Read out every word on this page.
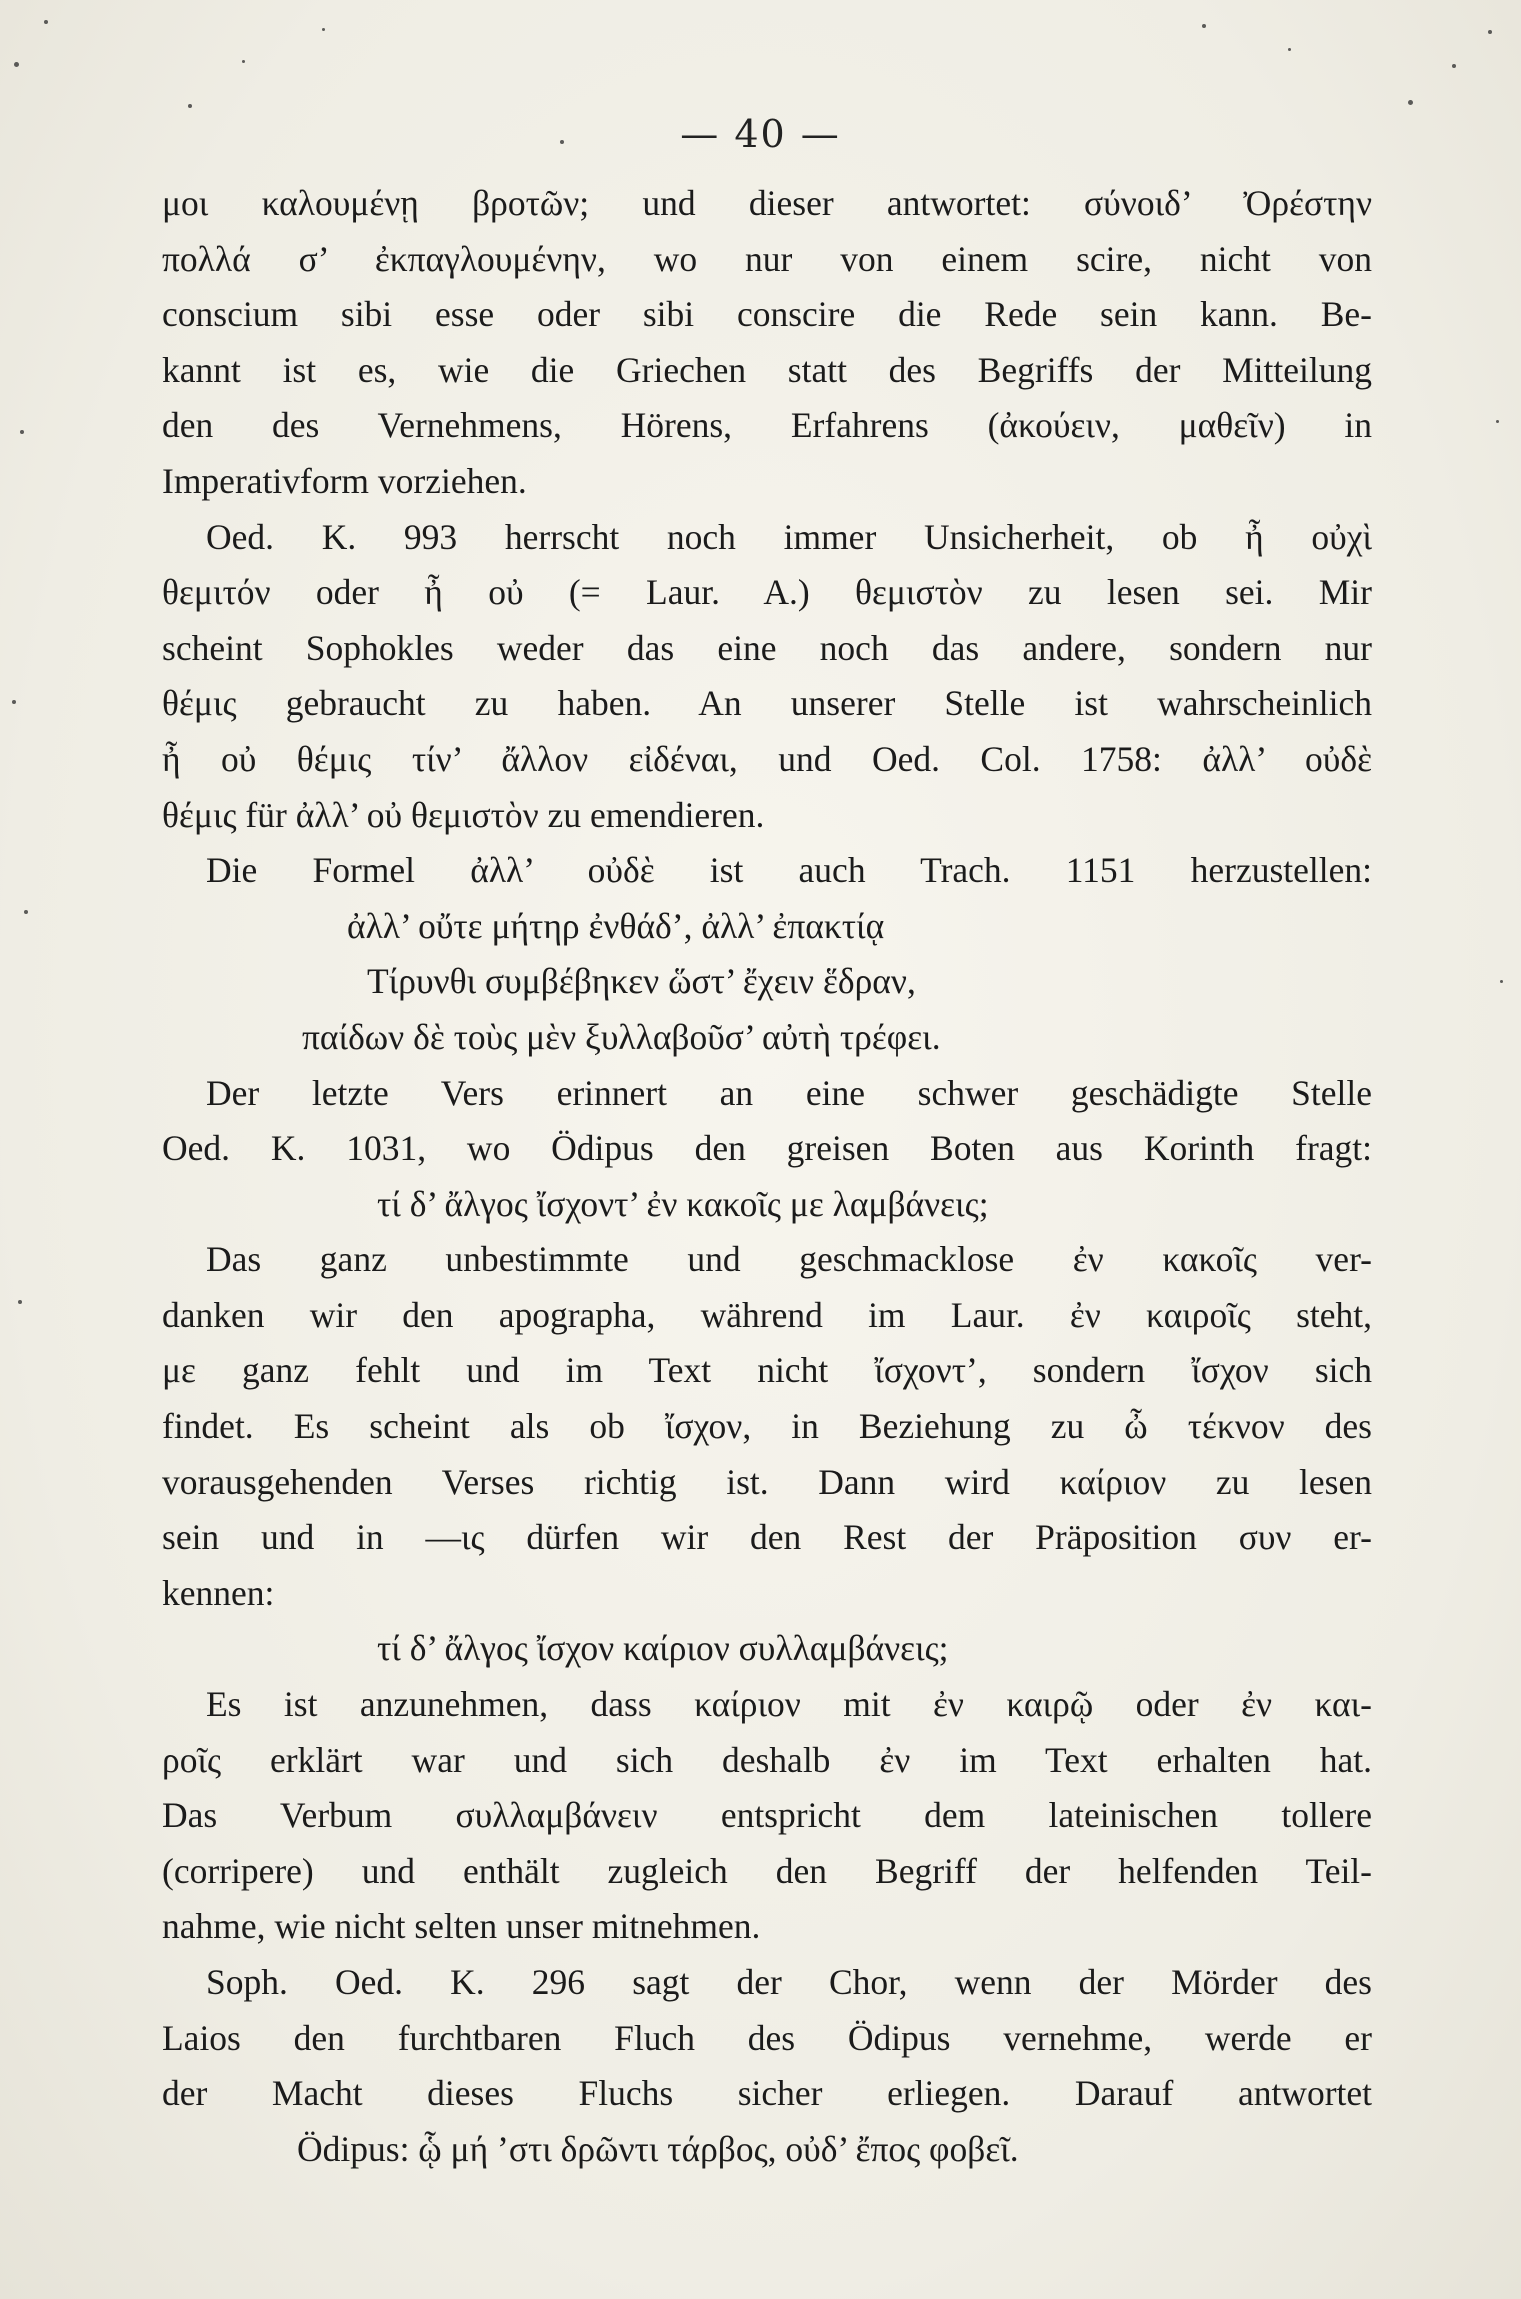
— 40 —
μοι καλουμένῃ βροτῶν; und dieser antwortet: σύνοιδ’ Ὀρέστην
πολλά σ’ ἐκπαγλουμένην, wo nur von einem scire, nicht von
conscium sibi esse oder sibi conscire die Rede sein kann. Be-
kannt ist es, wie die Griechen statt des Begriffs der Mitteilung
den des Vernehmens, Hörens, Erfahrens (ἀκούειν, μαθεῖν) in
Imperativform vorziehen.
Oed. K. 993 herrscht noch immer Unsicherheit, ob ἦ οὐχὶ
θεμιτόν oder ἦ οὐ (= Laur. A.) θεμιστὸν zu lesen sei. Mir
scheint Sophokles weder das eine noch das andere, sondern nur
θέμις gebraucht zu haben. An unserer Stelle ist wahrscheinlich
ἦ οὐ θέμις τίν’ ἄλλον εἰδέναι, und Oed. Col. 1758: ἀλλ’ οὐδὲ
θέμις für ἀλλ’ οὐ θεμιστὸν zu emendieren.
Die Formel ἀλλ’ οὐδὲ ist auch Trach. 1151 herzustellen:
ἀλλ’ οὔτε μήτηρ ἐνθάδ’, ἀλλ’ ἐπακτίᾳ
Τίρυνθι συμβέβηκεν ὥστ’ ἔχειν ἕδραν,
παίδων δὲ τοὺς μὲν ξυλλαβοῦσ’ αὐτὴ τρέφει.
Der letzte Vers erinnert an eine schwer geschädigte Stelle
Oed. K. 1031, wo Ödipus den greisen Boten aus Korinth fragt:
τί δ’ ἄλγος ἴσχοντ’ ἐν κακοῖς με λαμβάνεις;
Das ganz unbestimmte und geschmacklose ἐν κακοῖς ver-
danken wir den apographa, während im Laur. ἐν καιροῖς steht,
με ganz fehlt und im Text nicht ἴσχοντ’, sondern ἴσχον sich
findet. Es scheint als ob ἴσχον, in Beziehung zu ὦ τέκνον des
vorausgehenden Verses richtig ist. Dann wird καίριον zu lesen
sein und in —ις dürfen wir den Rest der Präposition συν er-
kennen:
τί δ’ ἄλγος ἴσχον καίριον συλλαμβάνεις;
Es ist anzunehmen, dass καίριον mit ἐν καιρῷ oder ἐν και-
ροῖς erklärt war und sich deshalb ἐν im Text erhalten hat.
Das Verbum συλλαμβάνειν entspricht dem lateinischen tollere
(corripere) und enthält zugleich den Begriff der helfenden Teil-
nahme, wie nicht selten unser mitnehmen.
Soph. Oed. K. 296 sagt der Chor, wenn der Mörder des
Laios den furchtbaren Fluch des Ödipus vernehme, werde er
der Macht dieses Fluchs sicher erliegen. Darauf antwortet
Ödipus: ᾧ μή ’στι δρῶντι τάρβος, οὐδ’ ἔπος φοβεῖ.
